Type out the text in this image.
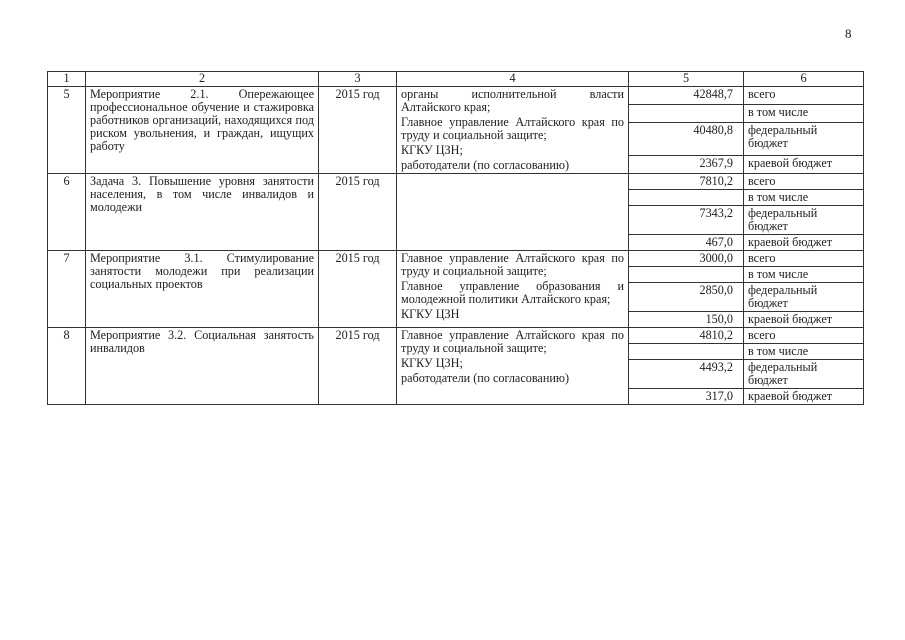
8
1	2	3	4	5	6
5	Мероприятие 2.1. Опережающее профессиональное обучение и стажировка работников организаций, находящихся под риском увольнения, и граждан, ищущих работу	2015 год	органы исполнительной власти Алтайского края;

Главное управление Алтайского края по труду и социальной защите;

КГКУ ЦЗН;

работодатели (по согласованию)	42848,7	всего
					в том числе
				40480,8	федеральный бюджет
				2367,9	краевой бюджет
6	Задача 3. Повышение уровня занятости населения, в том числе инвалидов и молодежи	2015 год		7810,2	всего
					в том числе
				7343,2	федеральный бюджет
				467,0	краевой бюджет
7	Мероприятие 3.1. Стимулирование занятости молодежи при реализации социальных проектов	2015 год	Главное управление Алтайского края по труду и социальной защите;

Главное управление образования и молодежной политики Алтайского края;

КГКУ ЦЗН	3000,0	всего
					в том числе
				2850,0	федеральный бюджет
				150,0	краевой бюджет
8	Мероприятие 3.2. Социальная занятость инвалидов	2015 год	Главное управление Алтайского края по труду и социальной защите;

КГКУ ЦЗН;

работодатели (по согласованию)	4810,2	всего
					в том числе
				4493,2	федеральный бюджет
				317,0	краевой бюджет
